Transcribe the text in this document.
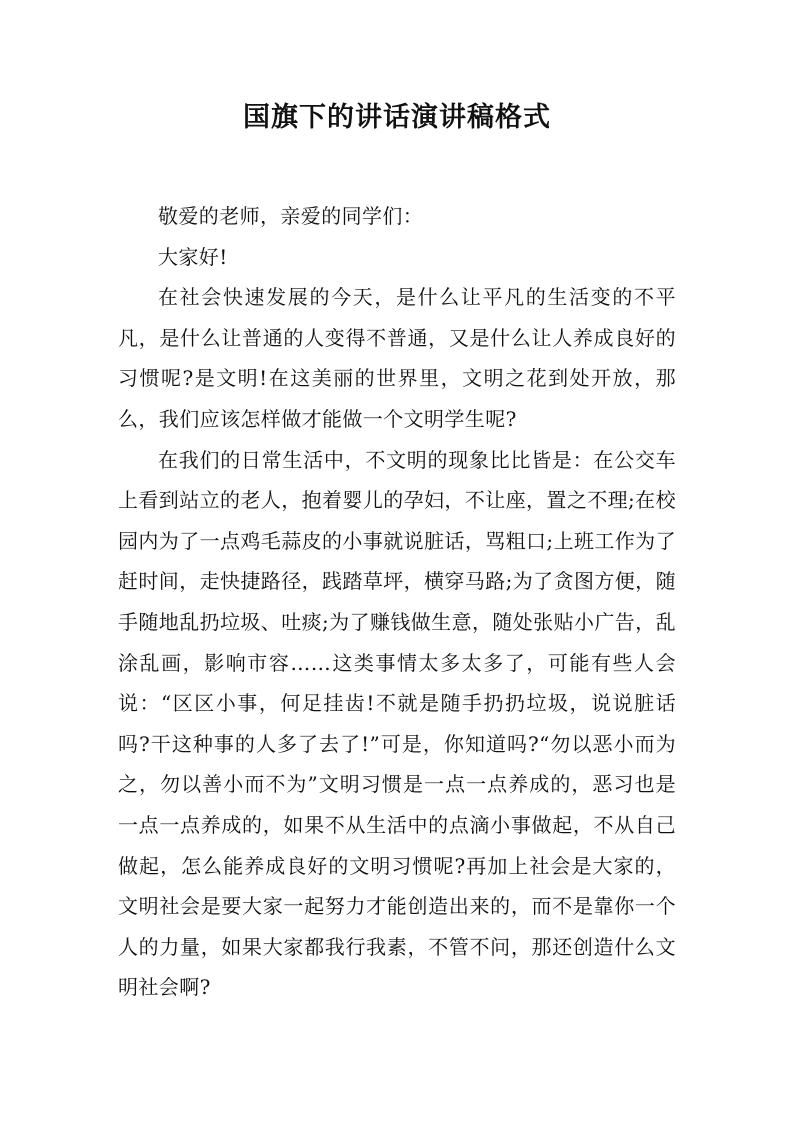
国旗下的讲话演讲稿格式

敬爱的老师，亲爱的同学们：

大家好!

在社会快速发展的今天，是什么让平凡的生活变的不平凡，是什么让普通的人变得不普通，又是什么让人养成良好的习惯呢?是文明!在这美丽的世界里，文明之花到处开放，那么，我们应该怎样做才能做一个文明学生呢?

在我们的日常生活中，不文明的现象比比皆是：在公交车上看到站立的老人，抱着婴儿的孕妇，不让座，置之不理;在校园内为了一点鸡毛蒜皮的小事就说脏话，骂粗口;上班工作为了赶时间，走快捷路径，践踏草坪，横穿马路;为了贪图方便，随手随地乱扔垃圾、吐痰;为了赚钱做生意，随处张贴小广告，乱涂乱画，影响市容……这类事情太多太多了，可能有些人会说：“区区小事，何足挂齿!不就是随手扔扔垃圾，说说脏话吗?干这种事的人多了去了!”可是，你知道吗?“勿以恶小而为之，勿以善小而不为”文明习惯是一点一点养成的，恶习也是一点一点养成的，如果不从生活中的点滴小事做起，不从自己做起，怎么能养成良好的文明习惯呢?再加上社会是大家的，文明社会是要大家一起努力才能创造出来的，而不是靠你一个人的力量，如果大家都我行我素，不管不问，那还创造什么文明社会啊?
